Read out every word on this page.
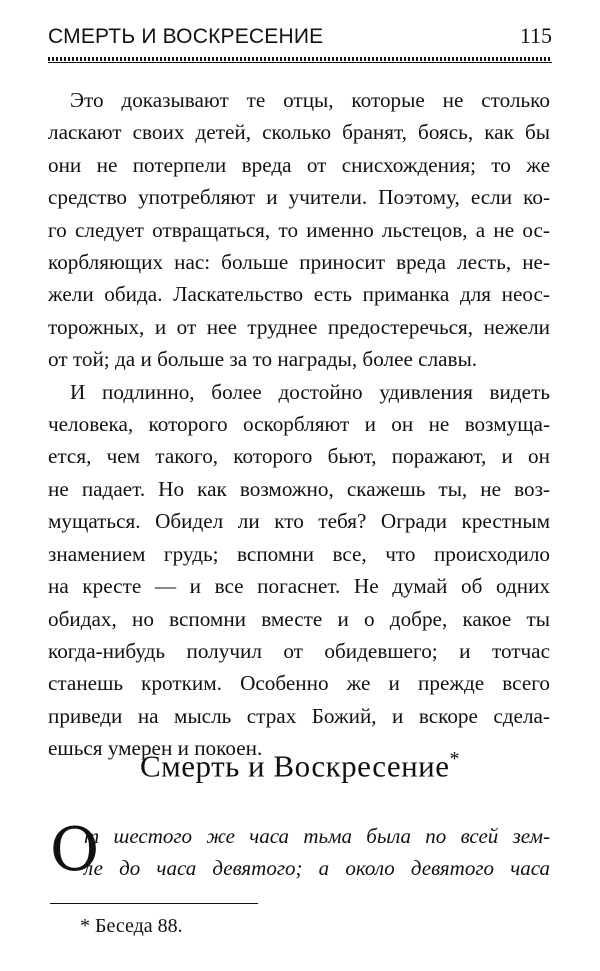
СМЕРТЬ И ВОСКРЕСЕНИЕ	115
Это доказывают те отцы, которые не столько
ласкают своих детей, сколько бранят, боясь, как бы
они не потерпели вреда от снисхождения; то же
средство употребляют и учители. Поэтому, если ко-
го следует отвращаться, то именно льстецов, а не ос-
корбляющих нас: больше приносит вреда лесть, не-
жели обида. Ласкательство есть приманка для неос-
торожных, и от нее труднее предостеречься, нежели
от той; да и больше за то награды, более славы.
И подлинно, более достойно удивления видеть
человека, которого оскорбляют и он не возмуща-
ется, чем такого, которого бьют, поражают, и он
не падает. Но как возможно, скажешь ты, не воз-
мущаться. Обидел ли кто тебя? Огради крестным
знамением грудь; вспомни все, что происходило
на кресте — и все погаснет. Не думай об одних
обидах, но вспомни вместе и о добре, какое ты
когда-нибудь получил от обидевшего; и тотчас
станешь кротким. Особенно же и прежде всего
приведи на мысль страх Божий, и вскоре сдела-
ешься умерен и покоен.
Смерть и Воскресение*
О
т шестого же часа тьма была по всей зем-
ле до часа девятого; а около девятого часа
* Беседа 88.
